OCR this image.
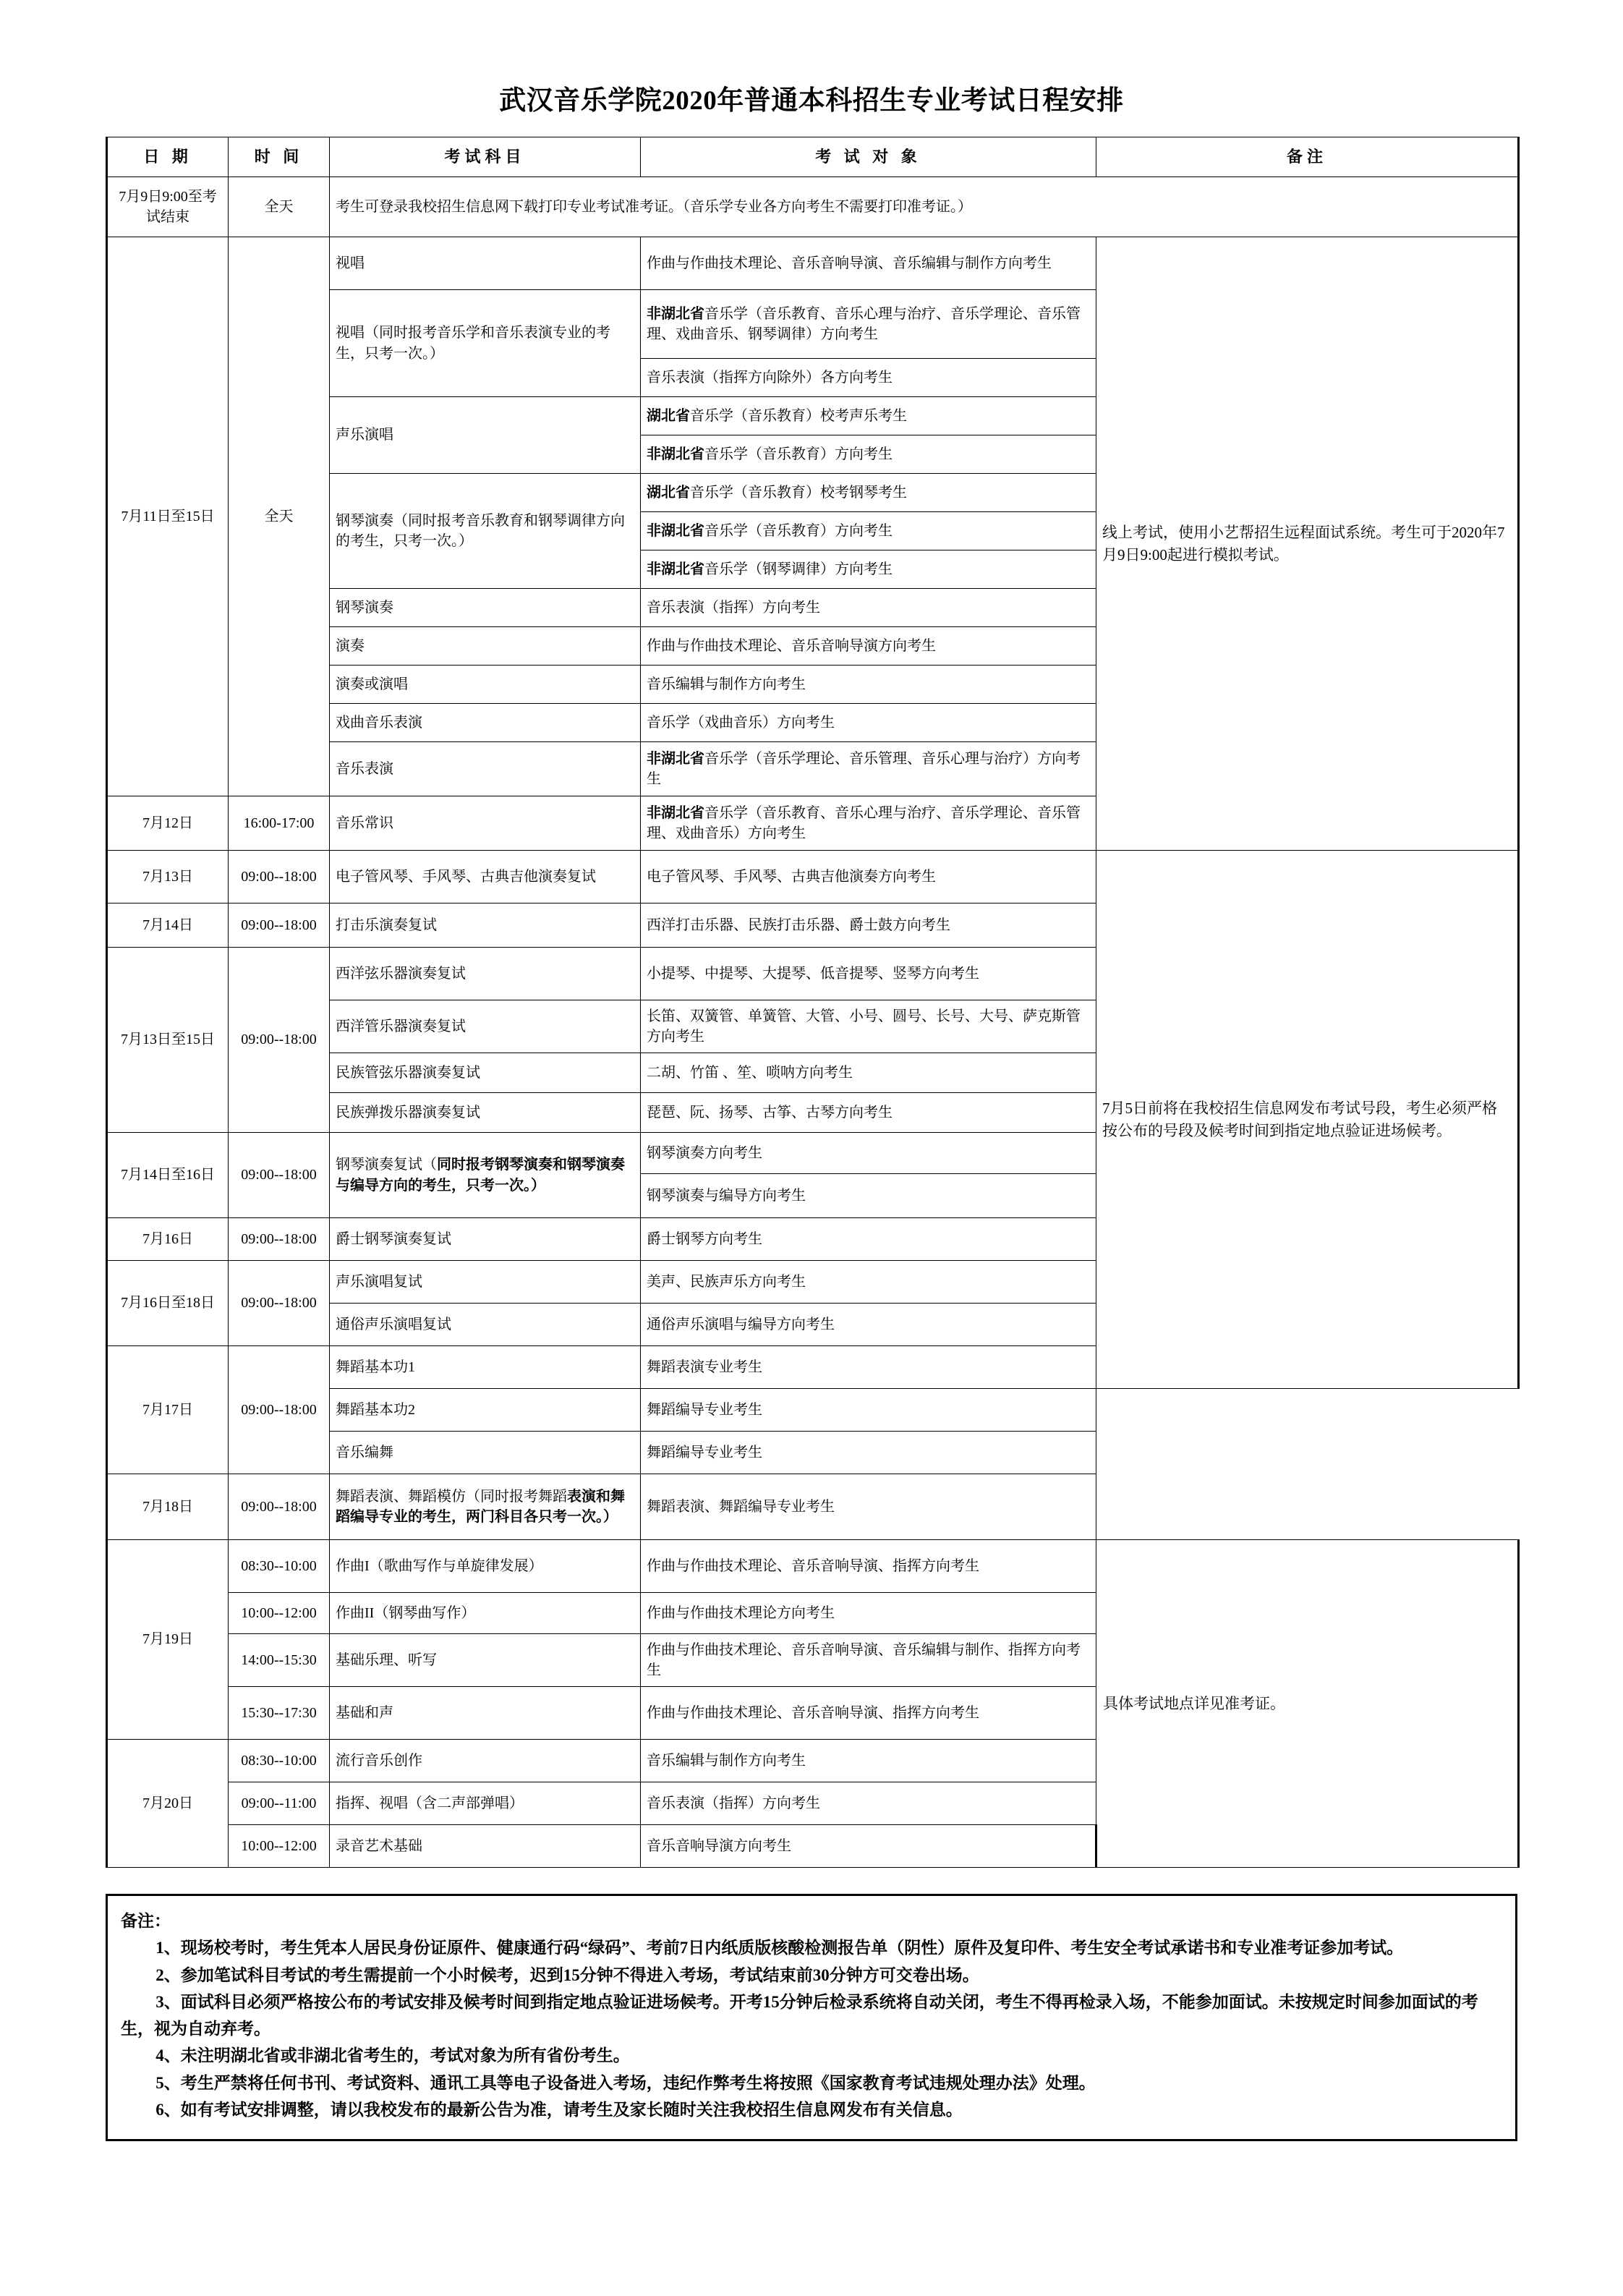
武汉音乐学院2020年普通本科招生专业考试日程安排
日 期	时 间	考试科目	考 试 对 象	备注
7月9日9:00至考试结束	全天	考生可登录我校招生信息网下载打印专业考试准考证。（音乐学专业各方向考生不需要打印准考证。）		
7月11日至15日	全天	视唱	作曲与作曲技术理论、音乐音响导演、音乐编辑与制作方向考生	线上考试，使用小艺帮招生远程面试系统。考生可于2020年7月9日9:00起进行模拟考试。
		视唱（同时报考音乐学和音乐表演专业的考生，只考一次。）	非湖北省音乐学（音乐教育、音乐心理与治疗、音乐学理论、音乐管理、戏曲音乐、钢琴调律）方向考生	
			音乐表演（指挥方向除外）各方向考生	
		声乐演唱	湖北省音乐学（音乐教育）校考声乐考生	
			非湖北省音乐学（音乐教育）方向考生	
		钢琴演奏（同时报考音乐教育和钢琴调律方向的考生，只考一次。）	湖北省音乐学（音乐教育）校考钢琴考生	
			非湖北省音乐学（音乐教育）方向考生	
			非湖北省音乐学（钢琴调律）方向考生	
		钢琴演奏	音乐表演（指挥）方向考生	
		演奏	作曲与作曲技术理论、音乐音响导演方向考生	
		演奏或演唱	音乐编辑与制作方向考生	
		戏曲音乐表演	音乐学（戏曲音乐）方向考生	
		音乐表演	非湖北省音乐学（音乐学理论、音乐管理、音乐心理与治疗）方向考生	
7月12日	16:00-17:00	音乐常识	非湖北省音乐学（音乐教育、音乐心理与治疗、音乐学理论、音乐管理、戏曲音乐）方向考生	
7月13日	09:00--18:00	电子管风琴、手风琴、古典吉他演奏复试	电子管风琴、手风琴、古典吉他演奏方向考生	7月5日前将在我校招生信息网发布考试号段，考生必须严格按公布的号段及候考时间到指定地点验证进场候考。
7月14日	09:00--18:00	打击乐演奏复试	西洋打击乐器、民族打击乐器、爵士鼓方向考生	
7月13日至15日	09:00--18:00	西洋弦乐器演奏复试	小提琴、中提琴、大提琴、低音提琴、竖琴方向考生	
		西洋管乐器演奏复试	长笛、双簧管、单簧管、大管、小号、圆号、长号、大号、萨克斯管方向考生	
		民族管弦乐器演奏复试	二胡、竹笛 、笙、唢呐方向考生	
		民族弹拨乐器演奏复试	琵琶、阮、扬琴、古筝、古琴方向考生	
7月14日至16日	09:00--18:00	钢琴演奏复试（同时报考钢琴演奏和钢琴演奏与编导方向的考生，只考一次。）	钢琴演奏方向考生	
			钢琴演奏与编导方向考生	
7月16日	09:00--18:00	爵士钢琴演奏复试	爵士钢琴方向考生	
7月16日至18日	09:00--18:00	声乐演唱复试	美声、民族声乐方向考生	
		通俗声乐演唱复试	通俗声乐演唱与编导方向考生	
7月17日	09:00--18:00	舞蹈基本功1	舞蹈表演专业考生	
		舞蹈基本功2	舞蹈编导专业考生	
		音乐编舞	舞蹈编导专业考生	
7月18日	09:00--18:00	舞蹈表演、舞蹈模仿（同时报考舞蹈表演和舞蹈编导专业的考生，两门科目各只考一次。）	舞蹈表演、舞蹈编导专业考生	
7月19日	08:30--10:00	作曲I（歌曲写作与单旋律发展）	作曲与作曲技术理论、音乐音响导演、指挥方向考生	具体考试地点详见准考证。
	10:00--12:00	作曲II（钢琴曲写作）	作曲与作曲技术理论方向考生	
	14:00--15:30	基础乐理、听写	作曲与作曲技术理论、音乐音响导演、音乐编辑与制作、指挥方向考生	
	15:30--17:30	基础和声	作曲与作曲技术理论、音乐音响导演、指挥方向考生	
7月20日	08:30--10:00	流行音乐创作	音乐编辑与制作方向考生	
	09:00--11:00	指挥、视唱（含二声部弹唱）	音乐表演（指挥）方向考生	
	10:00--12:00	录音艺术基础	音乐音响导演方向考生	

备注：

1、现场校考时，考生凭本人居民身份证原件、健康通行码“绿码”、考前7日内纸质版核酸检测报告单（阴性）原件及复印件、考生安全考试承诺书和专业准考证参加考试。

2、参加笔试科目考试的考生需提前一个小时候考，迟到15分钟不得进入考场，考试结束前30分钟方可交卷出场。

3、面试科目必须严格按公布的考试安排及候考时间到指定地点验证进场候考。开考15分钟后检录系统将自动关闭，考生不得再检录入场，不能参加面试。未按规定时间参加面试的考生，视为自动弃考。

4、未注明湖北省或非湖北省考生的，考试对象为所有省份考生。

5、考生严禁将任何书刊、考试资料、通讯工具等电子设备进入考场，违纪作弊考生将按照《国家教育考试违规处理办法》处理。

6、如有考试安排调整，请以我校发布的最新公告为准，请考生及家长随时关注我校招生信息网发布有关信息。
